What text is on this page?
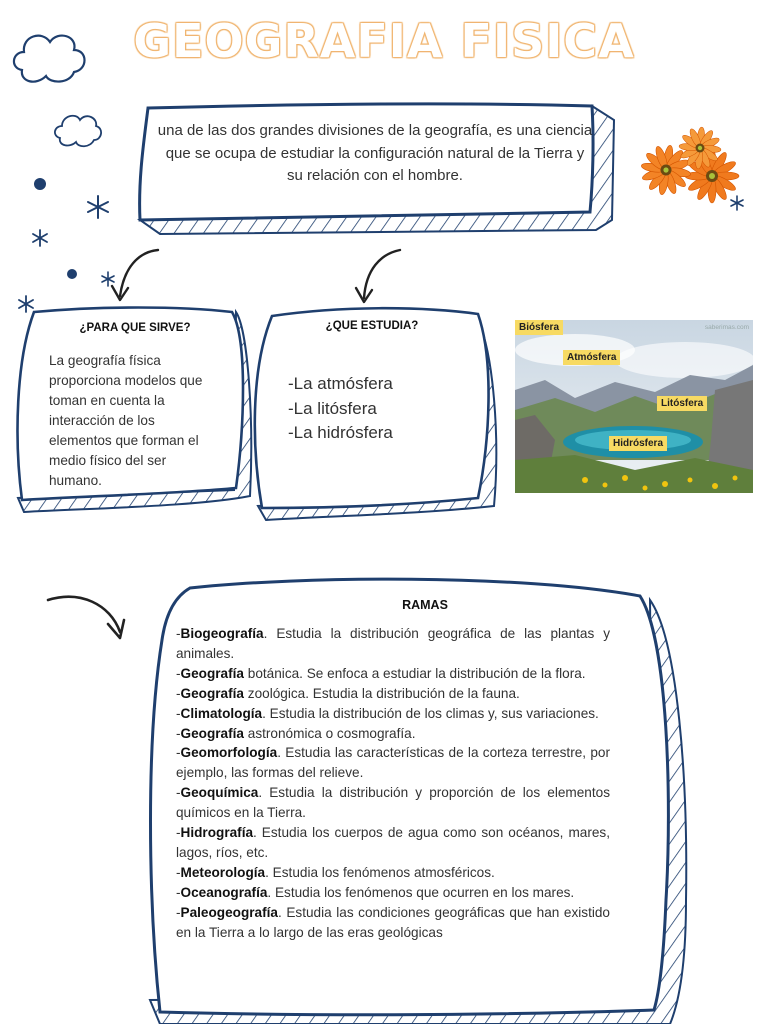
GEOGRAFIA FISICA
una de las dos grandes divisiones de la geografía, es una ciencia que se ocupa de estudiar la configuración natural de la Tierra y su relación con el hombre.
¿PARA QUE SIRVE?
La geografía física proporciona modelos que toman en cuenta la interacción de los elementos que forman el medio físico del ser humano.
¿QUE ESTUDIA?
-La atmósfera
-La litósfera
-La hidrósfera
Biósfera	saberimas.com
Atmósfera
Litósfera
Hidrósfera
RAMAS
-Biogeografía. Estudia la distribución geográfica de las plantas y animales.
-Geografía botánica. Se enfoca a estudiar la distribución de la flora.
-Geografía zoológica. Estudia la distribución de la fauna.
-Climatología. Estudia la distribución de los climas y, sus variaciones.
-Geografía astronómica o cosmografía.
-Geomorfología. Estudia las características de la corteza terrestre, por ejemplo, las formas del relieve.
-Geoquímica. Estudia la distribución y proporción de los elementos químicos en la Tierra.
-Hidrografía. Estudia los cuerpos de agua como son océanos, mares, lagos, ríos, etc.
-Meteorología. Estudia los fenómenos atmosféricos.
-Oceanografía. Estudia los fenómenos que ocurren en los mares.
-Paleogeografía. Estudia las condiciones geográficas que han existido en la Tierra a lo largo de las eras geológicas
